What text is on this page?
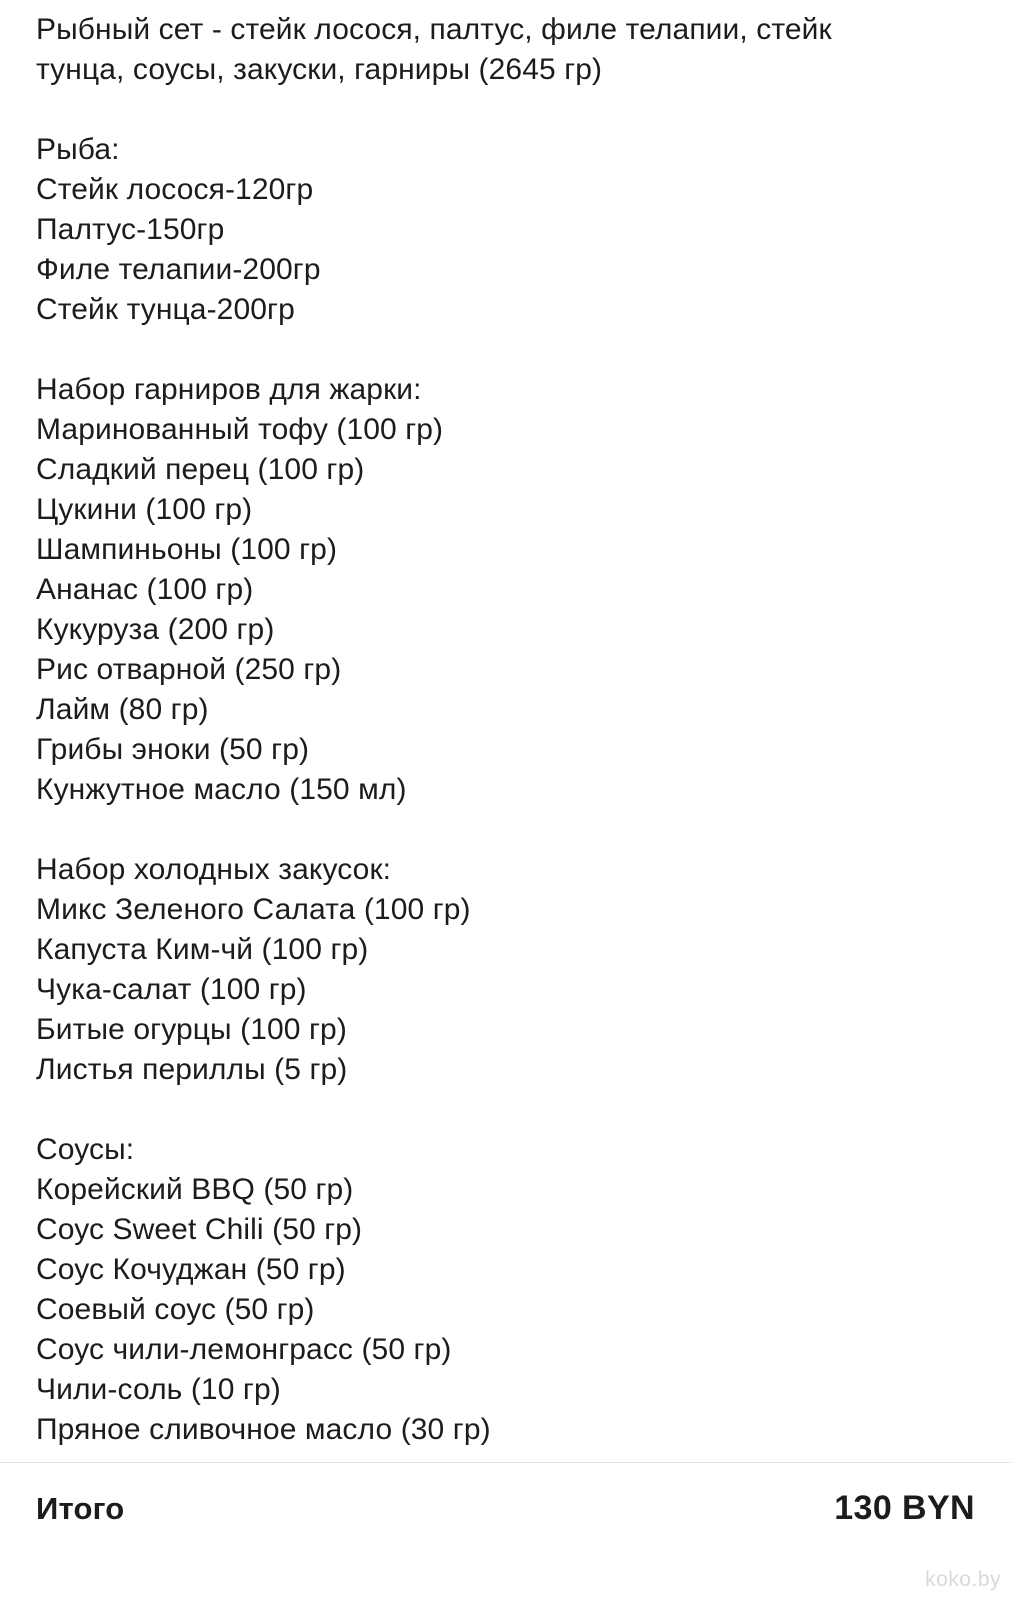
Рыбный сет - стейк лосося, палтус, филе телапии, стейк
тунца, соусы, закуски, гарниры (2645 гр)
Рыба:
Стейк лосося-120гр
Палтус-150гр
Филе телапии-200гр
Стейк тунца-200гр
Набор гарниров для жарки:
Маринованный тофу (100 гр)
Сладкий перец (100 гр)
Цукини (100 гр)
Шампиньоны (100 гр)
Ананас (100 гр)
Кукуруза (200 гр)
Рис отварной (250 гр)
Лайм (80 гр)
Грибы эноки (50 гр)
Кунжутное масло (150 мл)
Набор холодных закусок:
Микс Зеленого Салата (100 гр)
Капуста Ким-чй (100 гр)
Чука-салат (100 гр)
Битые огурцы (100 гр)
Листья периллы (5 гр)
Соусы:
Корейский BBQ (50 гр)
Соус Sweet Chili (50 гр)
Соус Кочуджан (50 гр)
Соевый соус (50 гр)
Соус чили-лемонграсс (50 гр)
Чили-соль (10 гр)
Пряное сливочное масло (30 гр)
Итого	130 BYN
koko.by
